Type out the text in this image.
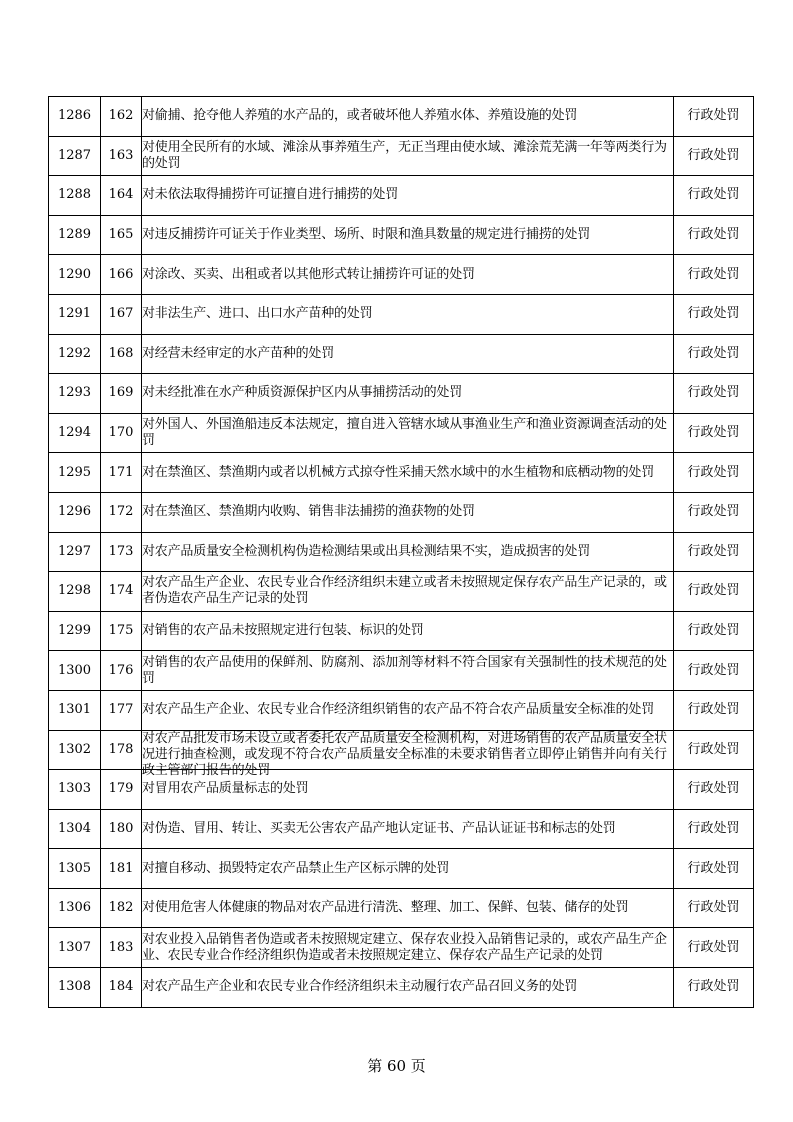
1286	162	对偷捕、抢夺他人养殖的水产品的，或者破坏他人养殖水体、养殖设施的处罚	行政处罚
1287	163	对使用全民所有的水域、滩涂从事养殖生产，无正当理由使水域、滩涂荒芜满一年等两类行为的处罚	行政处罚
1288	164	对未依法取得捕捞许可证擅自进行捕捞的处罚	行政处罚
1289	165	对违反捕捞许可证关于作业类型、场所、时限和渔具数量的规定进行捕捞的处罚	行政处罚
1290	166	对涂改、买卖、出租或者以其他形式转让捕捞许可证的处罚	行政处罚
1291	167	对非法生产、进口、出口水产苗种的处罚	行政处罚
1292	168	对经营未经审定的水产苗种的处罚	行政处罚
1293	169	对未经批准在水产种质资源保护区内从事捕捞活动的处罚	行政处罚
1294	170	对外国人、外国渔船违反本法规定，擅自进入管辖水域从事渔业生产和渔业资源调查活动的处罚	行政处罚
1295	171	对在禁渔区、禁渔期内或者以机械方式掠夺性采捕天然水域中的水生植物和底栖动物的处罚	行政处罚
1296	172	对在禁渔区、禁渔期内收购、销售非法捕捞的渔获物的处罚	行政处罚
1297	173	对农产品质量安全检测机构伪造检测结果或出具检测结果不实，造成损害的处罚	行政处罚
1298	174	对农产品生产企业、农民专业合作经济组织未建立或者未按照规定保存农产品生产记录的，或者伪造农产品生产记录的处罚	行政处罚
1299	175	对销售的农产品未按照规定进行包装、标识的处罚	行政处罚
1300	176	对销售的农产品使用的保鲜剂、防腐剂、添加剂等材料不符合国家有关强制性的技术规范的处罚	行政处罚
1301	177	对农产品生产企业、农民专业合作经济组织销售的农产品不符合农产品质量安全标准的处罚	行政处罚
1302	178	对农产品批发市场未设立或者委托农产品质量安全检测机构，对进场销售的农产品质量安全状况进行抽查检测，或发现不符合农产品质量安全标准的未要求销售者立即停止销售并向有关行政主管部门报告的处罚	行政处罚
1303	179	对冒用农产品质量标志的处罚	行政处罚
1304	180	对伪造、冒用、转让、买卖无公害农产品产地认定证书、产品认证证书和标志的处罚	行政处罚
1305	181	对擅自移动、损毁特定农产品禁止生产区标示牌的处罚	行政处罚
1306	182	对使用危害人体健康的物品对农产品进行清洗、整理、加工、保鲜、包装、储存的处罚	行政处罚
1307	183	对农业投入品销售者伪造或者未按照规定建立、保存农业投入品销售记录的，或农产品生产企业、农民专业合作经济组织伪造或者未按照规定建立、保存农产品生产记录的处罚	行政处罚
1308	184	对农产品生产企业和农民专业合作经济组织未主动履行农产品召回义务的处罚	行政处罚
第 60 页
